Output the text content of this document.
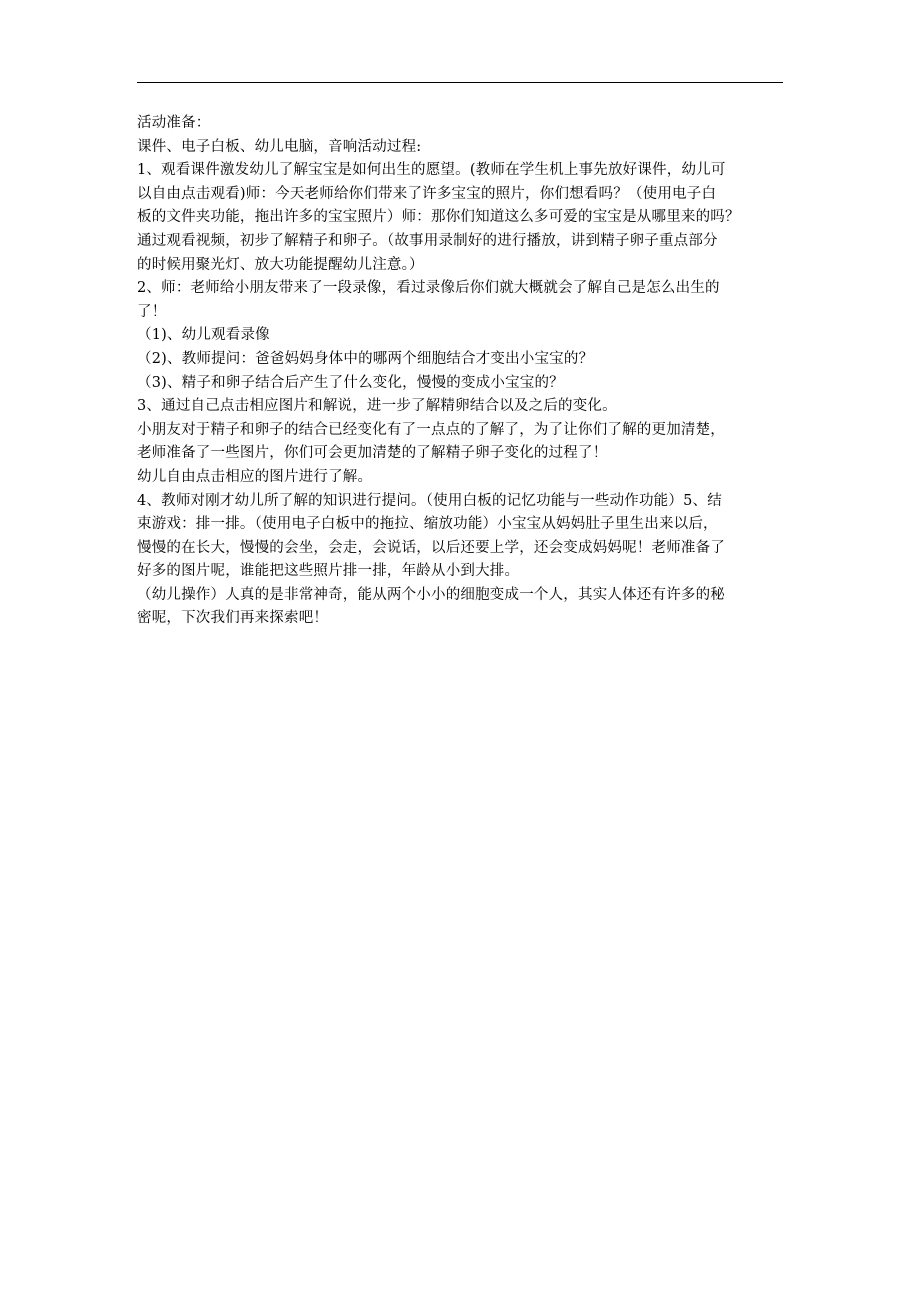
活动准备：
课件、电子白板、幼儿电脑，音响活动过程:
1、观看课件激发幼儿了解宝宝是如何出生的愿望。(教师在学生机上事先放好课件，幼儿可
以自由点击观看)师：今天老师给你们带来了许多宝宝的照片，你们想看吗？（使用电子白
板的文件夹功能，拖出许多的宝宝照片）师：那你们知道这么多可爱的宝宝是从哪里来的吗？
通过观看视频，初步了解精子和卵子。（故事用录制好的进行播放，讲到精子卵子重点部分
的时候用聚光灯、放大功能提醒幼儿注意。）
2、师：老师给小朋友带来了一段录像，看过录像后你们就大概就会了解自己是怎么出生的
了！
（1)、幼儿观看录像
（2)、教师提问：爸爸妈妈身体中的哪两个细胞结合才变出小宝宝的？
（3)、精子和卵子结合后产生了什么变化，慢慢的变成小宝宝的？
3、通过自己点击相应图片和解说，进一步了解精卵结合以及之后的变化。
小朋友对于精子和卵子的结合已经变化有了一点点的了解了，为了让你们了解的更加清楚，
老师准备了一些图片，你们可会更加清楚的了解精子卵子变化的过程了！
幼儿自由点击相应的图片进行了解。
4、教师对刚才幼儿所了解的知识进行提问。（使用白板的记忆功能与一些动作功能）5、结
束游戏：排一排。（使用电子白板中的拖拉、缩放功能）小宝宝从妈妈肚子里生出来以后，
慢慢的在长大，慢慢的会坐，会走，会说话，以后还要上学，还会变成妈妈呢！老师准备了
好多的图片呢，谁能把这些照片排一排，年龄从小到大排。
（幼儿操作）人真的是非常神奇，能从两个小小的细胞变成一个人，其实人体还有许多的秘
密呢，下次我们再来探索吧！
